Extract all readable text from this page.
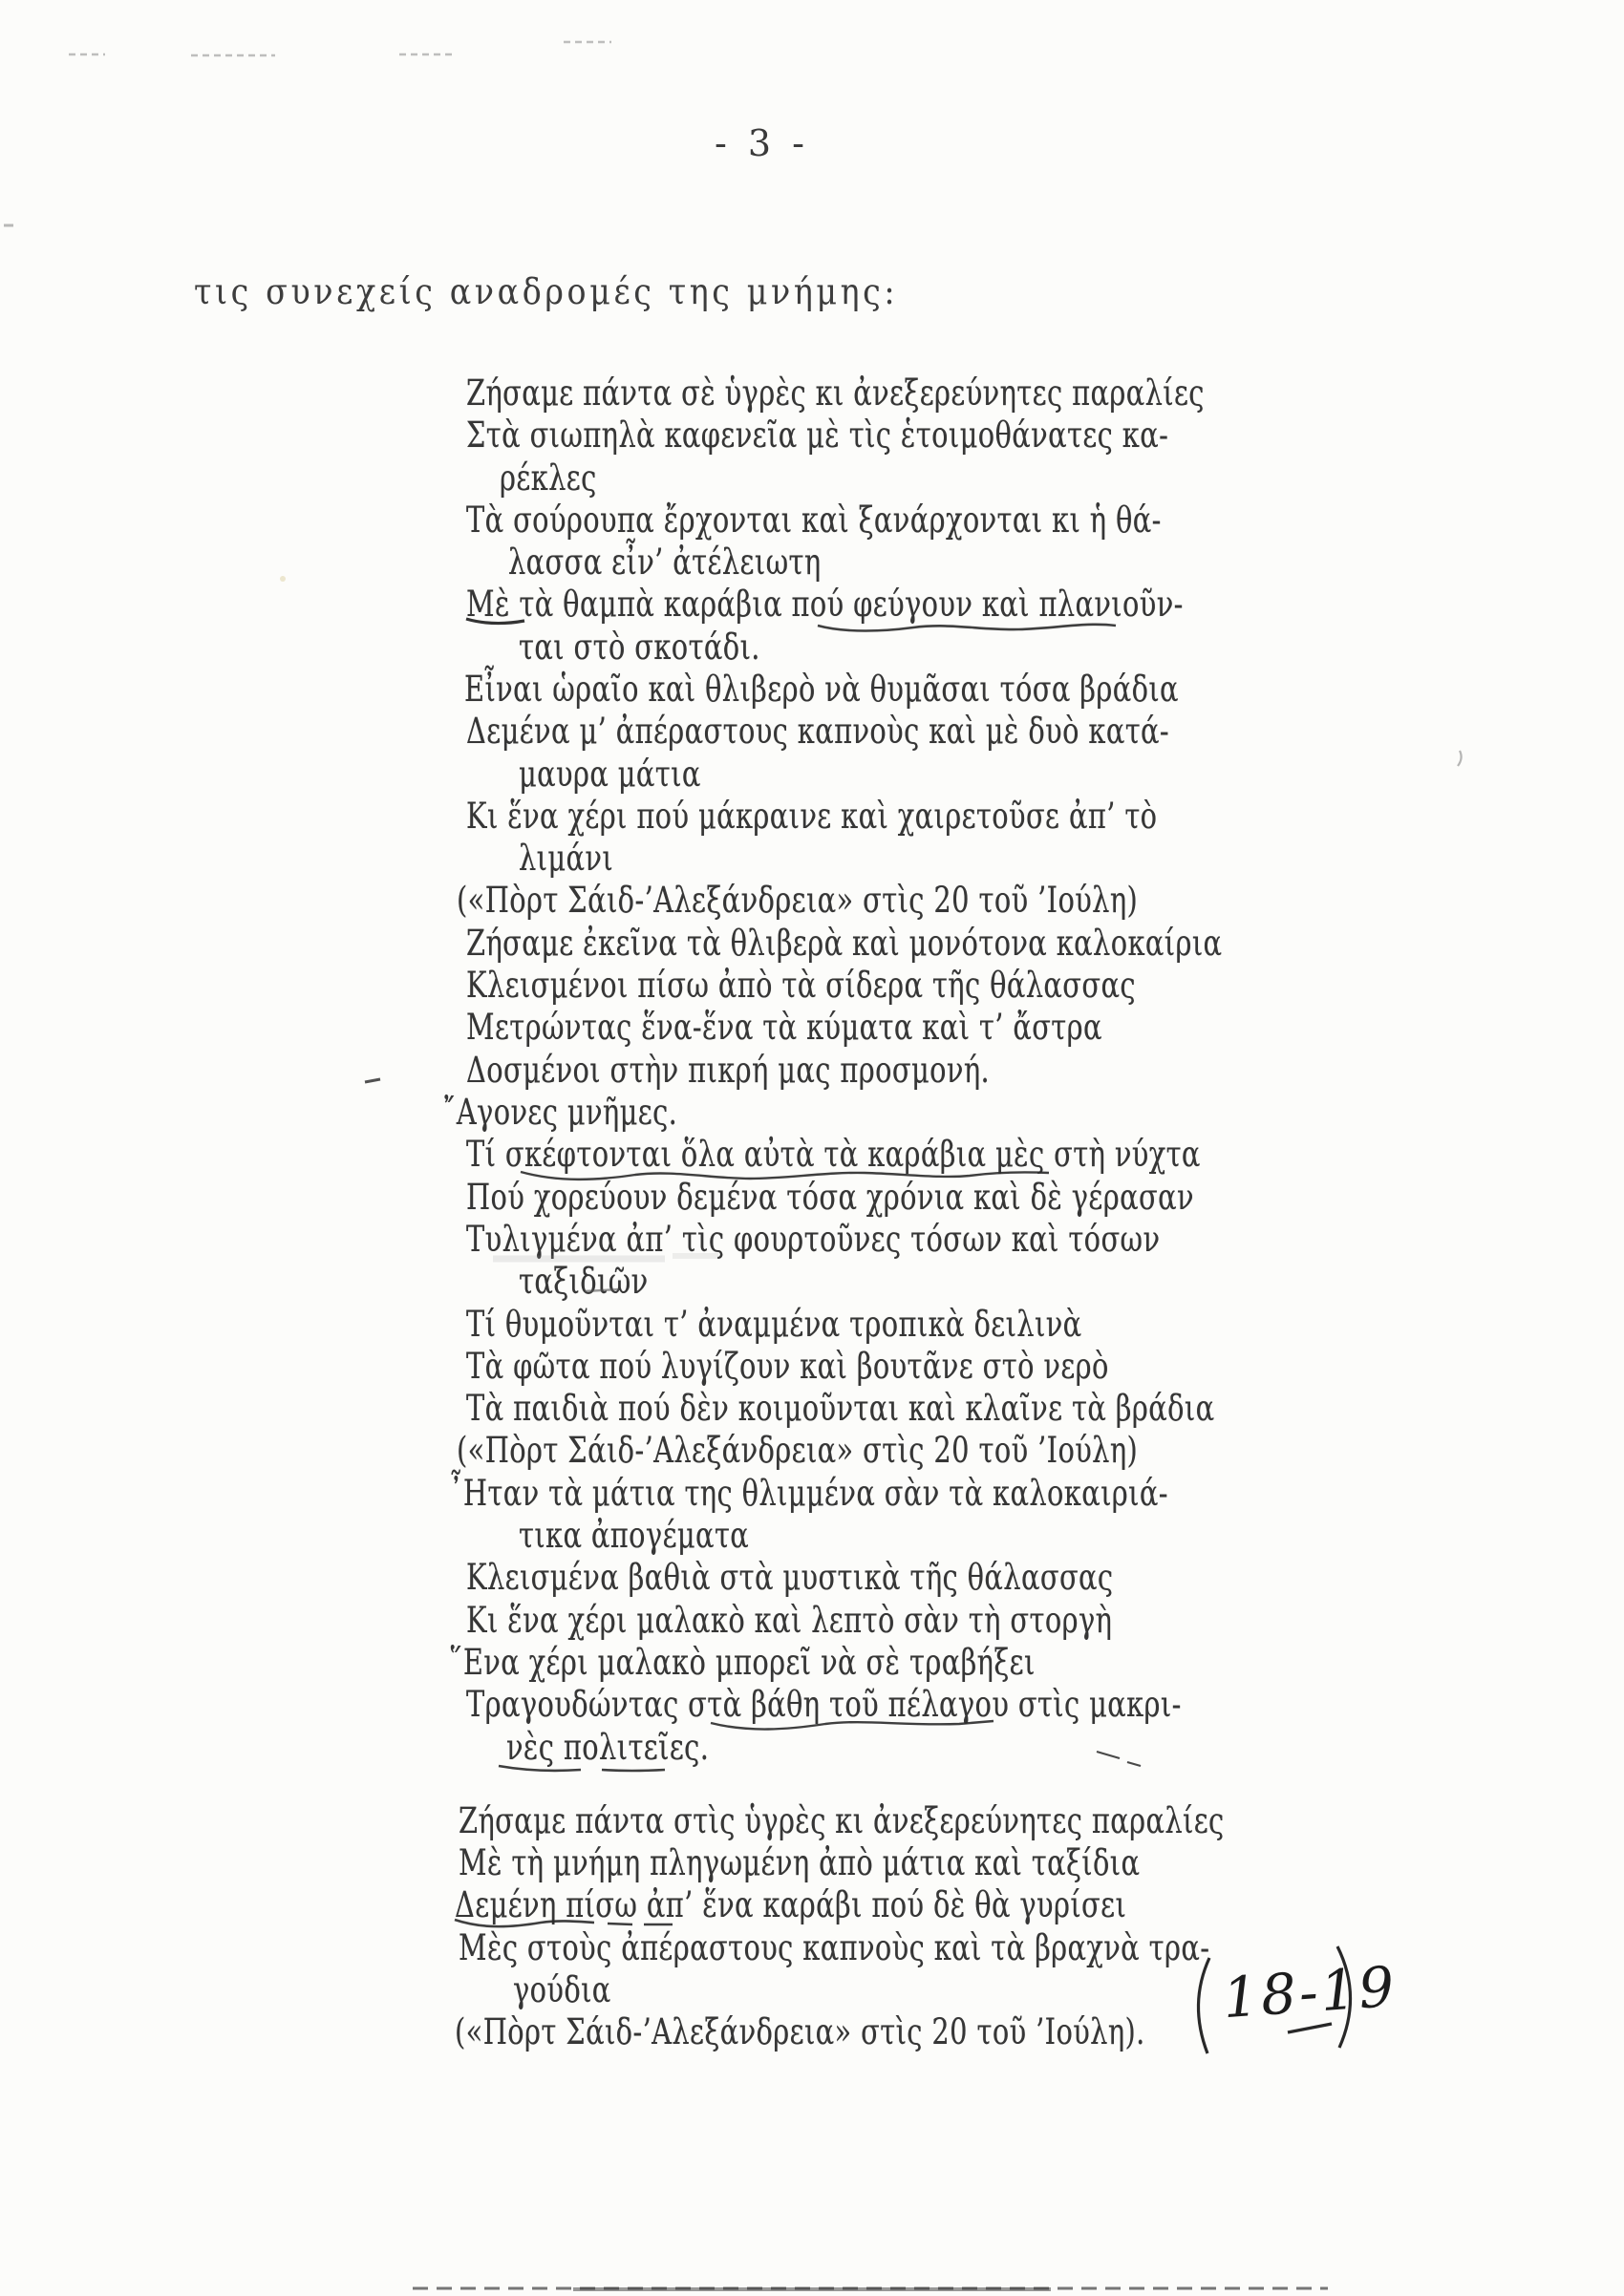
- 3 -
τις συνεχείς αναδρομές της μνήμης:
Ζήσαμε πάντα σὲ ὑγρὲς κι ἀνεξερεύνητες παραλίες
Στὰ σιωπηλὰ καφενεῖα μὲ τὶς ἑτοιμοθάνατες κα-
ρέκλες
Τὰ σούρουπα ἔρχονται καὶ ξανάρχονται κι ἡ θά-
λασσα εἶν’ ἀτέλειωτη
Μὲ τὰ θαμπὰ καράβια πού φεύγουν καὶ πλανιοῦν-
ται στὸ σκοτάδι.
Εἶναι ὡραῖο καὶ θλιβερὸ νὰ θυμᾶσαι τόσα βράδια
Δεμένα μ’ ἀπέραστους καπνοὺς καὶ μὲ δυὸ κατά-
μαυρα μάτια
Κι ἕνα χέρι πού μάκραινε καὶ χαιρετοῦσε ἀπ’ τὸ
λιμάνι
(«Πὸρτ Σάιδ-’Αλεξάνδρεια» στὶς 20 τοῦ ’Ιούλη)
Ζήσαμε ἐκεῖνα τὰ θλιβερὰ καὶ μονότονα καλοκαίρια
Κλεισμένοι πίσω ἀπὸ τὰ σίδερα τῆς θάλασσας
Μετρώντας ἕνα-ἕνα τὰ κύματα καὶ τ’ ἄστρα
Δοσμένοι στὴν πικρή μας προσμονή.
῎Αγονες μνῆμες.
Τί σκέφτονται ὅλα αὐτὰ τὰ καράβια μὲς στὴ νύχτα
Πού χορεύουν δεμένα τόσα χρόνια καὶ δὲ γέρασαν
Τυλιγμένα ἀπ’ τὶς φουρτοῦνες τόσων καὶ τόσων
ταξιδιῶν
Τί θυμοῦνται τ’ ἀναμμένα τροπικὰ δειλινὰ
Τὰ φῶτα πού λυγίζουν καὶ βουτᾶνε στὸ νερὸ
Τὰ παιδιὰ πού δὲν κοιμοῦνται καὶ κλαῖνε τὰ βράδια
(«Πὸρτ Σάιδ-’Αλεξάνδρεια» στὶς 20 τοῦ ’Ιούλη)
῏Ηταν τὰ μάτια της θλιμμένα σὰν τὰ καλοκαιριά-
τικα ἀπογέματα
Κλεισμένα βαθιὰ στὰ μυστικὰ τῆς θάλασσας
Κι ἕνα χέρι μαλακὸ καὶ λεπτὸ σὰν τὴ στοργὴ
῞Ενα χέρι μαλακὸ μπορεῖ νὰ σὲ τραβήξει
Τραγουδώντας στὰ βάθη τοῦ πέλαγου στὶς μακρι-
νὲς πολιτεῖες.
Ζήσαμε πάντα στὶς ὑγρὲς κι ἀνεξερεύνητες παραλίες
Μὲ τὴ μνήμη πληγωμένη ἀπὸ μάτια καὶ ταξίδια
Δεμένη πίσω ἀπ’ ἕνα καράβι πού δὲ θὰ γυρίσει
Μὲς στοὺς ἀπέραστους καπνοὺς καὶ τὰ βραχνὰ τρα-
γούδια
(«Πὸρτ Σάιδ-’Αλεξάνδρεια» στὶς 20 τοῦ ’Ιούλη).
18-19
